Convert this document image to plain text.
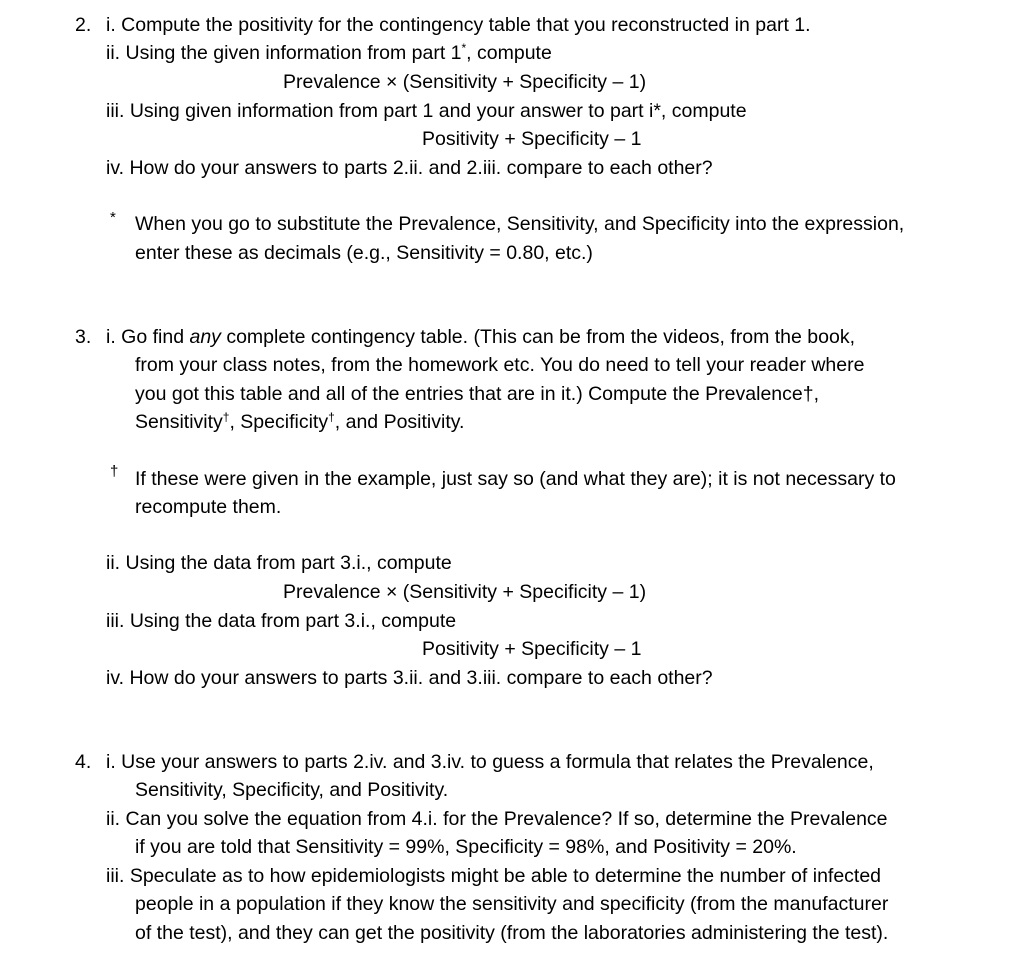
2. i. Compute the positivity for the contingency table that you reconstructed in part 1.
ii. Using the given information from part 1*, compute
Prevalence × (Sensitivity + Specificity – 1)
iii. Using given information from part 1 and your answer to part i*, compute
Positivity + Specificity – 1
iv. How do your answers to parts 2.ii. and 2.iii. compare to each other?
* When you go to substitute the Prevalence, Sensitivity, and Specificity into the expression,
enter these as decimals (e.g., Sensitivity = 0.80, etc.)
3. i. Go find any complete contingency table. (This can be from the videos, from the book,
from your class notes, from the homework etc. You do need to tell your reader where
you got this table and all of the entries that are in it.) Compute the Prevalence†,
Sensitivity†, Specificity†, and Positivity.
† If these were given in the example, just say so (and what they are); it is not necessary to
recompute them.
ii. Using the data from part 3.i., compute
Prevalence × (Sensitivity + Specificity – 1)
iii. Using the data from part 3.i., compute
Positivity + Specificity – 1
iv. How do your answers to parts 3.ii. and 3.iii. compare to each other?
4. i. Use your answers to parts 2.iv. and 3.iv. to guess a formula that relates the Prevalence,
Sensitivity, Specificity, and Positivity.
ii. Can you solve the equation from 4.i. for the Prevalence? If so, determine the Prevalence
if you are told that Sensitivity = 99%, Specificity = 98%, and Positivity = 20%.
iii. Speculate as to how epidemiologists might be able to determine the number of infected
people in a population if they know the sensitivity and specificity (from the manufacturer
of the test), and they can get the positivity (from the laboratories administering the test).
